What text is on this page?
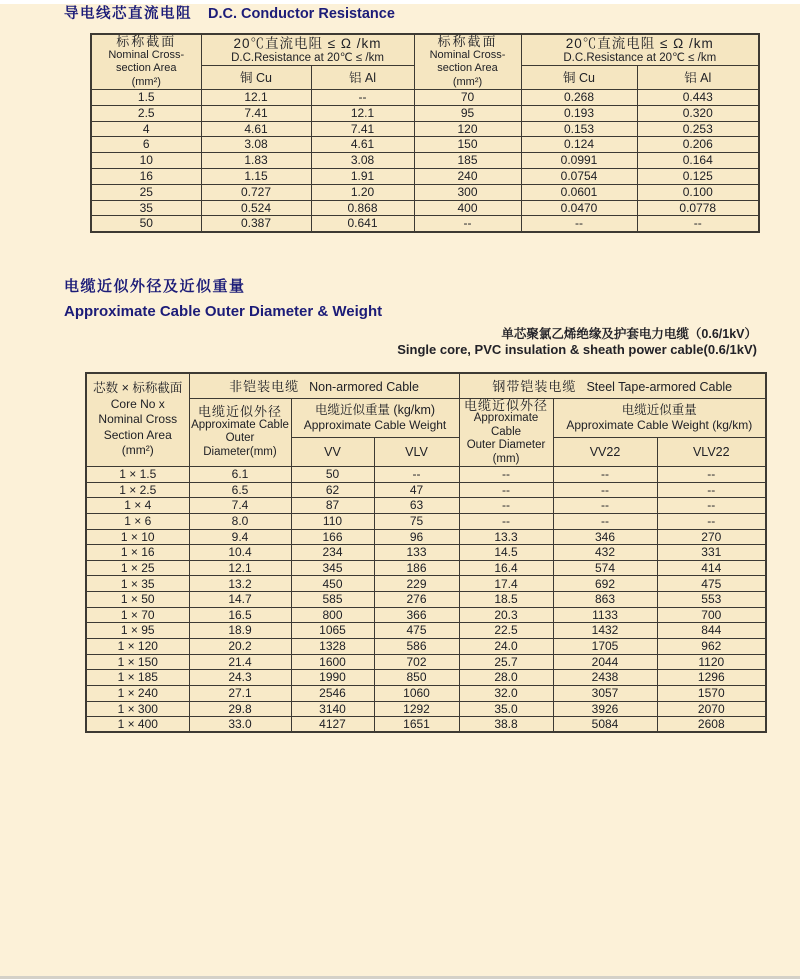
导电线芯直流电阻 D.C. Conductor Resistance
标称截面
Nominal Cross-
section Area
(mm²)

20℃直流电阻 ≤ Ω /km
D.C.Resistance at 20℃ ≤ /km

标称截面
Nominal Cross-
section Area
(mm²)

20℃直流电阻 ≤ Ω /km
D.C.Resistance at 20℃ ≤ /km

	铜 Cu	铝 Al		铜 Cu	铝 Al
1.5	12.1	--	70	0.268	0.443
2.5	7.41	12.1	95	0.193	0.320
4	4.61	7.41	120	0.153	0.253
6	3.08	4.61	150	0.124	0.206
10	1.83	3.08	185	0.0991	0.164
16	1.15	1.91	240	0.0754	0.125
25	0.727	1.20	300	0.0601	0.100
35	0.524	0.868	400	0.0470	0.0778
50	0.387	0.641	--	--	--
电缆近似外径及近似重量
Approximate Cable Outer Diameter & Weight
单芯聚氯乙烯绝缘及护套电力电缆（0.6/1kV）
Single core, PVC insulation & sheath power cable(0.6/1kV)
芯数 × 标称截面
Core No x
Nominal Cross
Section Area
(mm²)	非铠装电缆 Non-armored Cable			钢带铠装电缆 Steel Tape-armored Cable		

电缆近似外径
Approximate Cable
Outer Diameter(mm)

电缆近似重量 (kg/km)
Approximate Cable Weight

电缆近似外径
Approximate Cable
Outer Diameter
(mm)

电缆近似重量
Approximate Cable Weight (kg/km)

		VV	VLV		VV22	VLV22
1 × 1.5	6.1	50	--	--	--	--
1 × 2.5	6.5	62	47	--	--	--
1 × 4	7.4	87	63	--	--	--
1 × 6	8.0	110	75	--	--	--
1 × 10	9.4	166	96	13.3	346	270
1 × 16	10.4	234	133	14.5	432	331
1 × 25	12.1	345	186	16.4	574	414
1 × 35	13.2	450	229	17.4	692	475
1 × 50	14.7	585	276	18.5	863	553
1 × 70	16.5	800	366	20.3	1133	700
1 × 95	18.9	1065	475	22.5	1432	844
1 × 120	20.2	1328	586	24.0	1705	962
1 × 150	21.4	1600	702	25.7	2044	1120
1 × 185	24.3	1990	850	28.0	2438	1296
1 × 240	27.1	2546	1060	32.0	3057	1570
1 × 300	29.8	3140	1292	35.0	3926	2070
1 × 400	33.0	4127	1651	38.8	5084	2608
